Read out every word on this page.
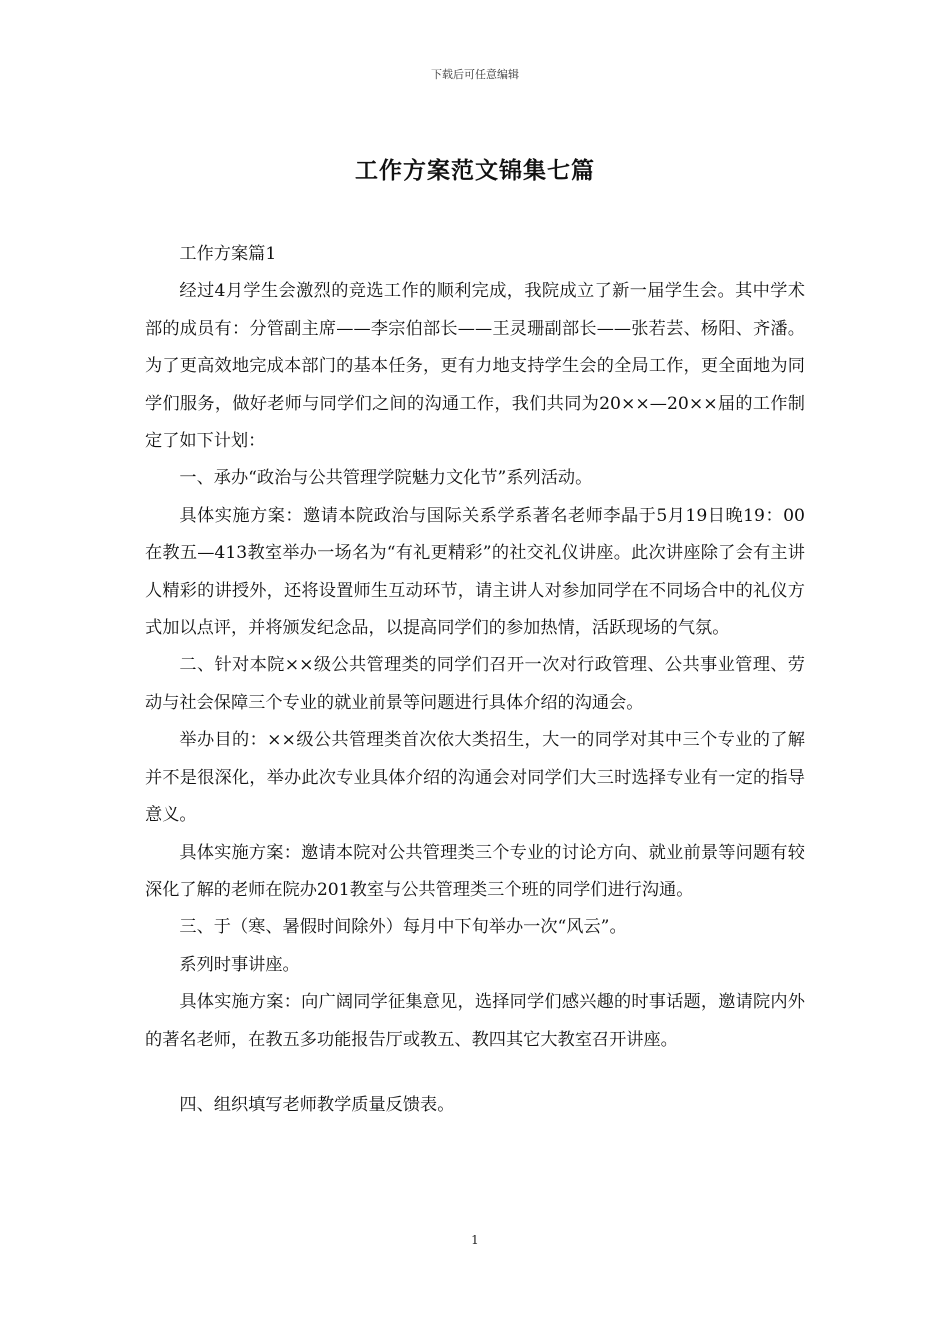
下载后可任意编辑
工作方案范文锦集七篇

工作方案篇1

经过4月学生会激烈的竞选工作的顺利完成，我院成立了新一届学生会。其中学术部的成员有：分管副主席——李宗伯部长——王灵珊副部长——张若芸、杨阳、齐潘。为了更高效地完成本部门的基本任务，更有力地支持学生会的全局工作，更全面地为同学们服务，做好老师与同学们之间的沟通工作，我们共同为20××—20××届的工作制定了如下计划：

一、承办“政治与公共管理学院魅力文化节”系列活动。

具体实施方案：邀请本院政治与国际关系学系著名老师李晶于5月19日晚19：00在教五—413教室举办一场名为“有礼更精彩”的社交礼仪讲座。此次讲座除了会有主讲人精彩的讲授外，还将设置师生互动环节，请主讲人对参加同学在不同场合中的礼仪方式加以点评，并将颁发纪念品，以提高同学们的参加热情，活跃现场的气氛。

二、针对本院××级公共管理类的同学们召开一次对行政管理、公共事业管理、劳动与社会保障三个专业的就业前景等问题进行具体介绍的沟通会。

举办目的：××级公共管理类首次依大类招生，大一的同学对其中三个专业的了解并不是很深化，举办此次专业具体介绍的沟通会对同学们大三时选择专业有一定的指导意义。

具体实施方案：邀请本院对公共管理类三个专业的讨论方向、就业前景等问题有较深化了解的老师在院办201教室与公共管理类三个班的同学们进行沟通。

三、于（寒、暑假时间除外）每月中下旬举办一次“风云”。

系列时事讲座。

具体实施方案：向广阔同学征集意见，选择同学们感兴趣的时事话题，邀请院内外的著名老师，在教五多功能报告厅或教五、教四其它大教室召开讲座。

四、组织填写老师教学质量反馈表。

1
